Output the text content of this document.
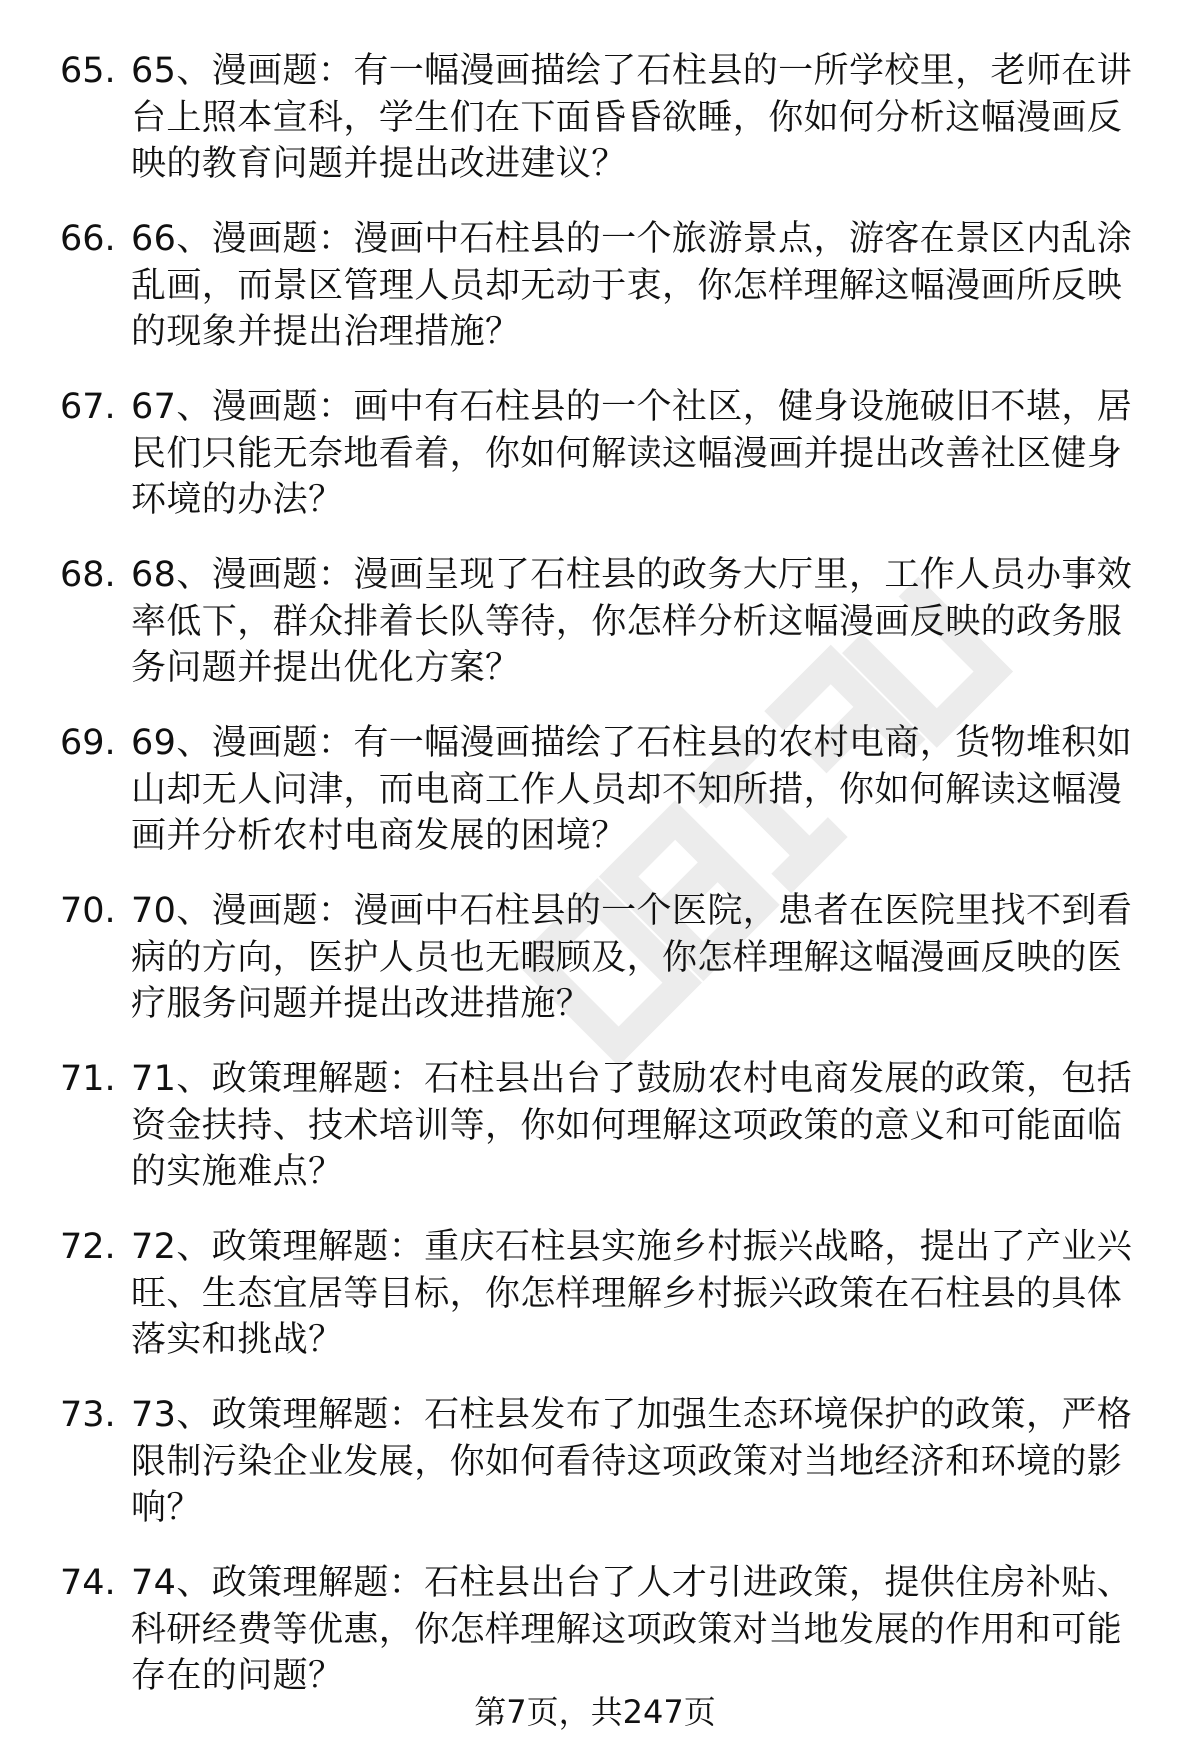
65. 65、漫画题：有一幅漫画描绘了石柱县的一所学校里，老师在讲台上照本宣科，学生们在下面昏昏欲睡，你如何分析这幅漫画反映的教育问题并提出改进建议？
66. 66、漫画题：漫画中石柱县的一个旅游景点，游客在景区内乱涂乱画，而景区管理人员却无动于衷，你怎样理解这幅漫画所反映的现象并提出治理措施？
67. 67、漫画题：画中有石柱县的一个社区，健身设施破旧不堪，居民们只能无奈地看着，你如何解读这幅漫画并提出改善社区健身环境的办法？
68. 68、漫画题：漫画呈现了石柱县的政务大厅里，工作人员办事效率低下，群众排着长队等待，你怎样分析这幅漫画反映的政务服务问题并提出优化方案？
69. 69、漫画题：有一幅漫画描绘了石柱县的农村电商，货物堆积如山却无人问津，而电商工作人员却不知所措，你如何解读这幅漫画并分析农村电商发展的困境？
70. 70、漫画题：漫画中石柱县的一个医院，患者在医院里找不到看病的方向，医护人员也无暇顾及，你怎样理解这幅漫画反映的医疗服务问题并提出改进措施？
71. 71、政策理解题：石柱县出台了鼓励农村电商发展的政策，包括资金扶持、技术培训等，你如何理解这项政策的意义和可能面临的实施难点？
72. 72、政策理解题：重庆石柱县实施乡村振兴战略，提出了产业兴旺、生态宜居等目标，你怎样理解乡村振兴政策在石柱县的具体落实和挑战？
73. 73、政策理解题：石柱县发布了加强生态环境保护的政策，严格限制污染企业发展，你如何看待这项政策对当地经济和环境的影响？
74. 74、政策理解题：石柱县出台了人才引进政策，提供住房补贴、科研经费等优惠，你怎样理解这项政策对当地发展的作用和可能存在的问题？
第7页，共247页
